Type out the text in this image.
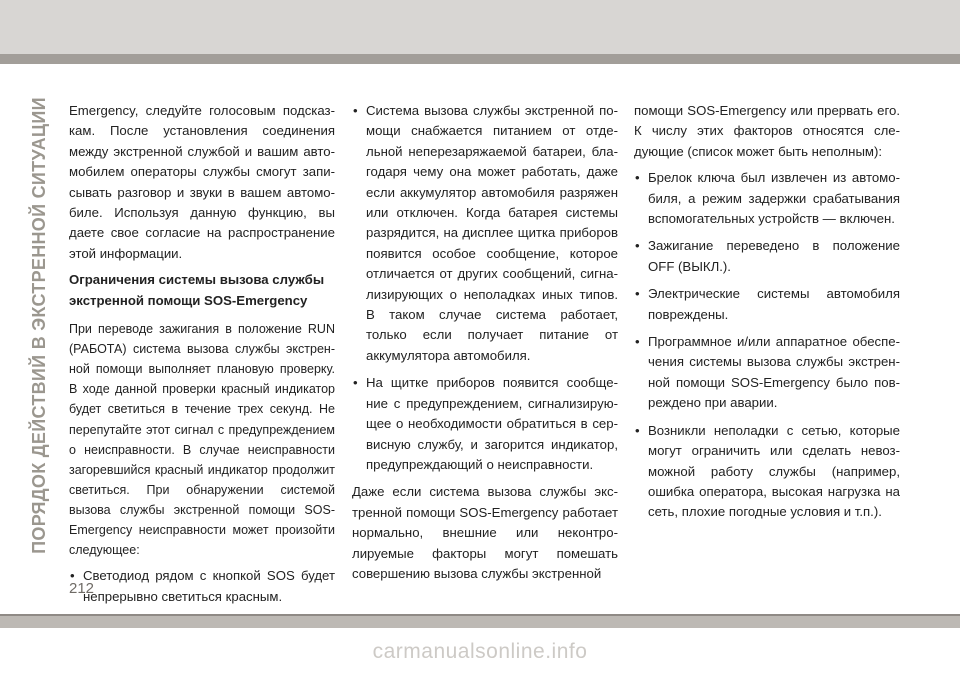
ПОРЯДОК ДЕЙСТВИЙ В ЭКСТРЕННОЙ СИТУАЦИИ Emergency, следуйте голосовым подсказкам. После установления соединения между экстренной службой и вашим автомобилем операторы службы смогут записывать разговор и звуки в вашем автомобиле. Используя данную функцию, вы даете свое согласие на распространение этой информации.

Ограничения системы вызова службы экстренной помощи SOS-Emergency

При переводе зажигания в положение RUN (РАБОТА) система вызова службы экстренной помощи выполняет плановую проверку. В ходе данной проверки красный индикатор будет светиться в течение трех секунд. Не перепутайте этот сигнал с предупреждением о неисправности. В случае неисправности загоревшийся красный индикатор продолжит светиться. При обнаружении системой вызова службы экстренной помощи SOS-Emergency неисправности может произойти следующее:

• Светодиод рядом с кнопкой SOS будет непрерывно светиться красным.
• Система вызова службы экстренной помощи снабжается питанием от отдельной неперезаряжаемой батареи, благодаря чему она может работать, даже если аккумулятор автомобиля разряжен или отключен. Когда батарея системы разрядится, на дисплее щитка приборов появится особое сообщение, которое отличается от других сообщений, сигнализирующих о неполадках иных типов. В таком случае система работает, только если получает питание от аккумулятора автомобиля.
• На щитке приборов появится сообщение с предупреждением, сигнализирующее о необходимости обратиться в сервисную службу, и загорится индикатор, предупреждающий о неисправности.

Даже если система вызова службы экстренной помощи SOS-Emergency работает нормально, внешние или неконтролируемые факторы могут помешать совершению вызова службы экстренной

помощи SOS-Emergency или прервать его. К числу этих факторов относятся следующие (список может быть неполным):

• Брелок ключа был извлечен из автомобиля, а режим задержки срабатывания вспомогательных устройств — включен.
• Зажигание переведено в положение OFF (ВЫКЛ.).
• Электрические системы автомобиля повреждены.
• Программное и/или аппаратное обеспечения системы вызова службы экстренной помощи SOS-Emergency было повреждено при аварии.
• Возникли неполадки с сетью, которые могут ограничить или сделать невозможной работу службы (например, ошибка оператора, высокая нагрузка на сеть, плохие погодные условия и т.п.).
212
carmanualsonline.info
